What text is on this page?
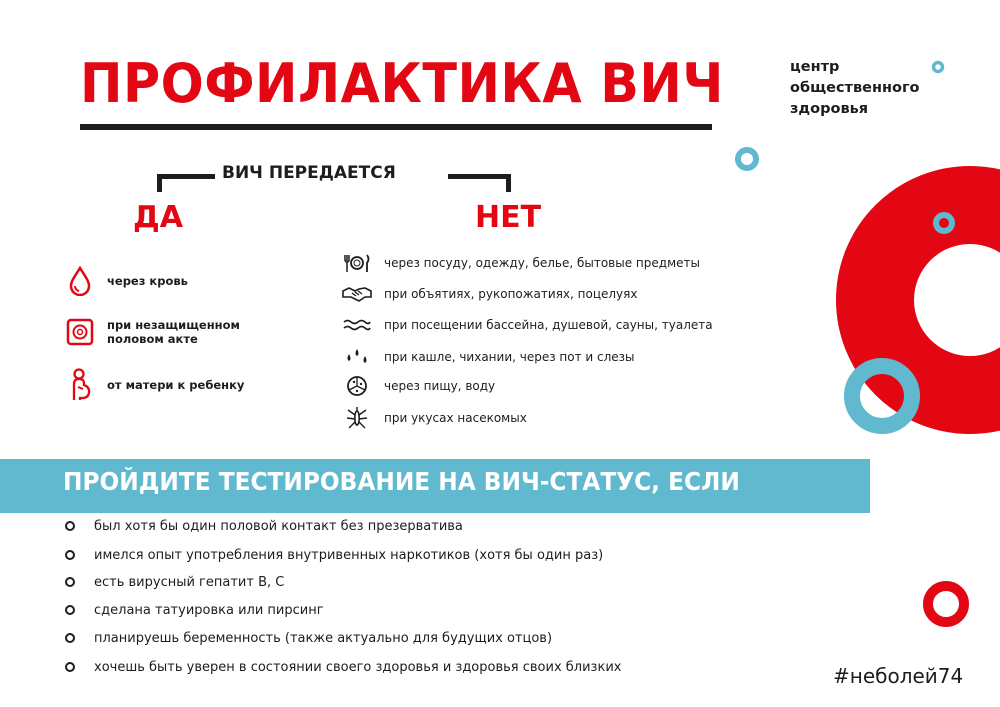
ПРОФИЛАКТИКА ВИЧ	центр
общественного
здоровья
ВИЧ ПЕРЕДАЕТСЯ
ДА	НЕТ
через кровь
при незащищенном
половом акте
от матери к ребенку
через посуду, одежду, белье, бытовые предметы
при объятиях, рукопожатиях, поцелуях
при посещении бассейна, душевой, сауны, туалета
при кашле, чихании, через пот и слезы
через пищу, воду
при укусах насекомых
ПРОЙДИТЕ ТЕСТИРОВАНИЕ НА ВИЧ-СТАТУС, ЕСЛИ
был хотя бы один половой контакт без презерватива
имелся опыт употребления внутривенных наркотиков (хотя бы один раз)
есть вирусный гепатит В, С
сделана татуировка или пирсинг
планируешь беременность (также актуально для будущих отцов)
хочешь быть уверен в состоянии своего здоровья и здоровья своих близких	#неболей74
